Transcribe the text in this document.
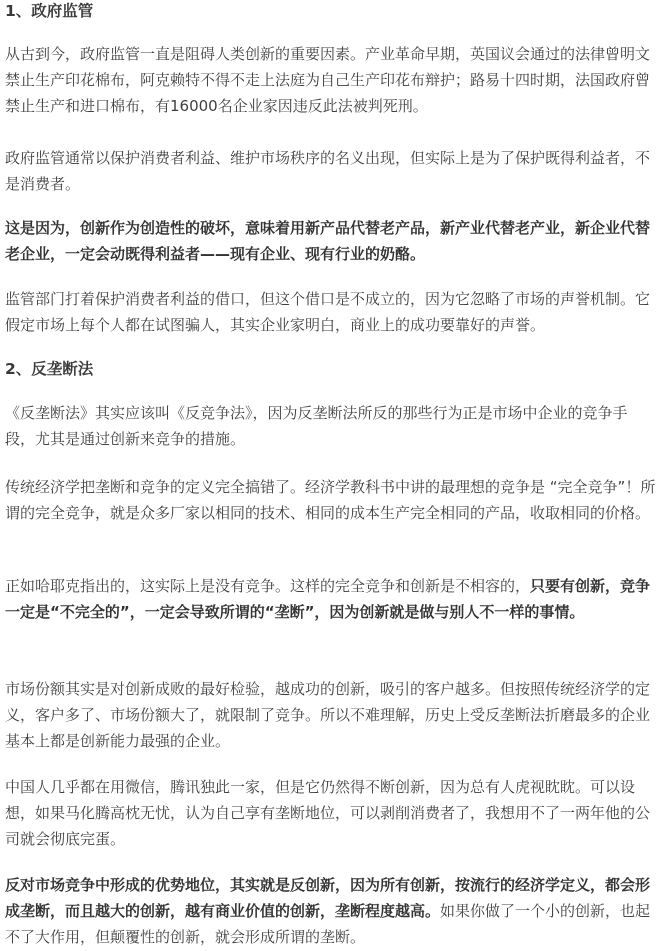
1、政府监管

从古到今，政府监管一直是阻碍人类创新的重要因素。产业革命早期，英国议会通过的法律曾明文禁止生产印花棉布，阿克赖特不得不走上法庭为自己生产印花布辩护；路易十四时期，法国政府曾禁止生产和进口棉布，有16000名企业家因违反此法被判死刑。

政府监管通常以保护消费者利益、维护市场秩序的名义出现，但实际上是为了保护既得利益者，不是消费者。

这是因为，创新作为创造性的破坏，意味着用新产品代替老产品，新产业代替老产业，新企业代替老企业，一定会动既得利益者——现有企业、现有行业的奶酪。

监管部门打着保护消费者利益的借口，但这个借口是不成立的，因为它忽略了市场的声誉机制。它假定市场上每个人都在试图骗人，其实企业家明白，商业上的成功要靠好的声誉。

2、反垄断法

《反垄断法》其实应该叫《反竞争法》，因为反垄断法所反的那些行为正是市场中企业的竞争手段，尤其是通过创新来竞争的措施。

传统经济学把垄断和竞争的定义完全搞错了。经济学教科书中讲的最理想的竞争是 “完全竞争”！所谓的完全竞争，就是众多厂家以相同的技术、相同的成本生产完全相同的产品，收取相同的价格。

正如哈耶克指出的，这实际上是没有竞争。这样的完全竞争和创新是不相容的，只要有创新，竞争一定是“不完全的”，一定会导致所谓的“垄断”，因为创新就是做与别人不一样的事情。

市场份额其实是对创新成败的最好检验，越成功的创新，吸引的客户越多。但按照传统经济学的定义，客户多了、市场份额大了，就限制了竞争。所以不难理解，历史上受反垄断法折磨最多的企业基本上都是创新能力最强的企业。

中国人几乎都在用微信，腾讯独此一家，但是它仍然得不断创新，因为总有人虎视眈眈。可以设想，如果马化腾高枕无忧，认为自己享有垄断地位，可以剥削消费者了，我想用不了一两年他的公司就会彻底完蛋。

反对市场竞争中形成的优势地位，其实就是反创新，因为所有创新，按流行的经济学定义，都会形成垄断，而且越大的创新，越有商业价值的创新，垄断程度越高。如果你做了一个小的创新，也起不了大作用，但颠覆性的创新，就会形成所谓的垄断。
